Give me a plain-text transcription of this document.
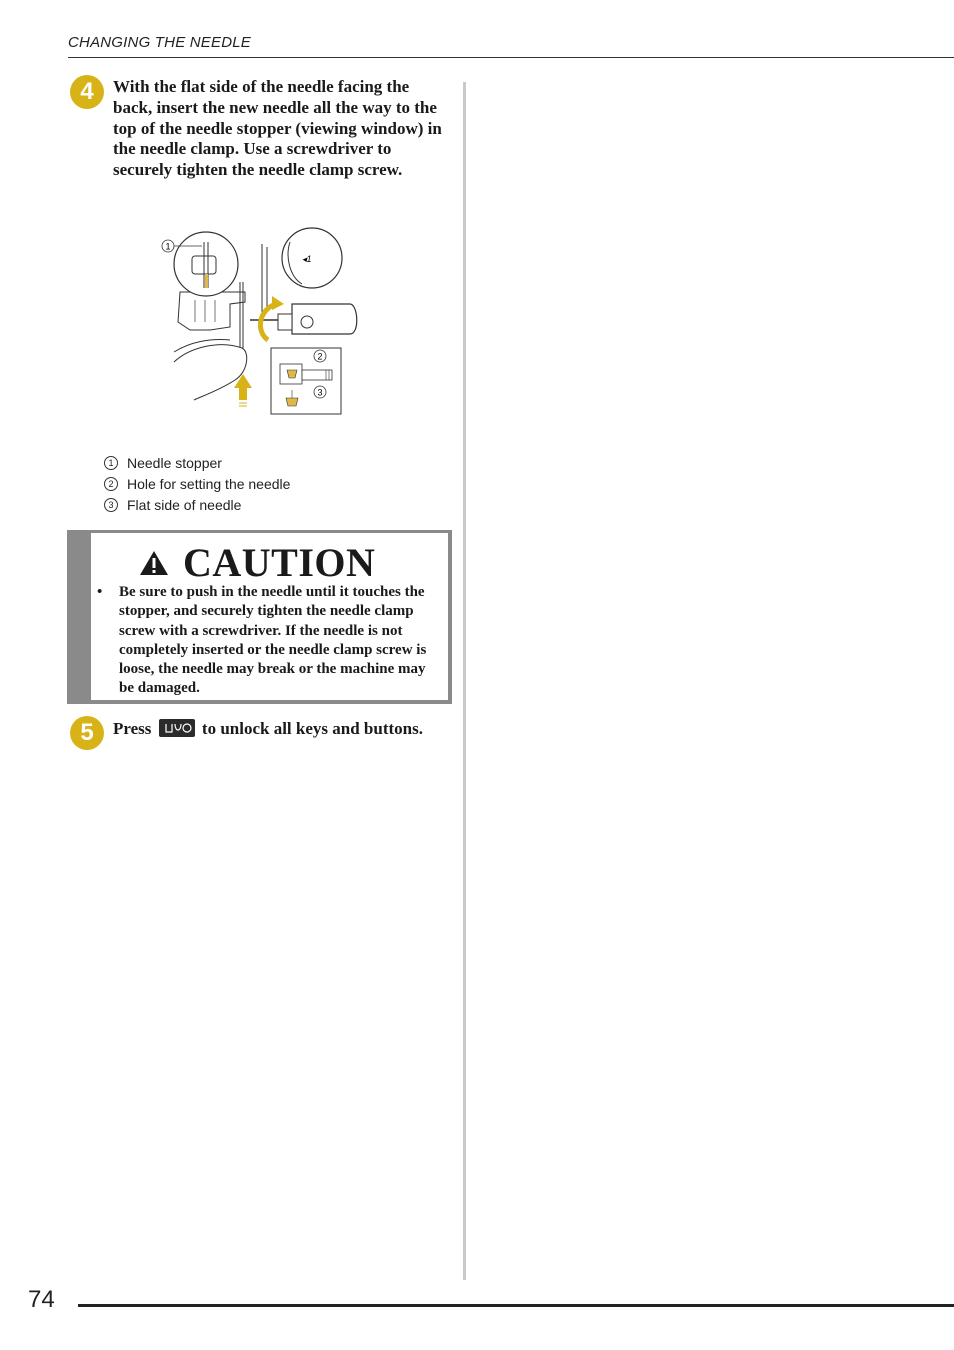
CHANGING THE NEEDLE
4	With the flat side of the needle facing the back, insert the new needle all the way to the top of the needle stopper (viewing window) in the needle clamp. Use a screwdriver to securely tighten the needle clamp screw.
1
◂1
2
3
1 Needle stopper
2 Hole for setting the needle
3 Flat side of needle
CAUTION
• Be sure to push in the needle until it touches the stopper, and securely tighten the needle clamp screw with a screwdriver. If the needle is not completely inserted or the needle clamp screw is loose, the needle may break or the machine may be damaged.
5	Press	to unlock all keys and buttons.
74
